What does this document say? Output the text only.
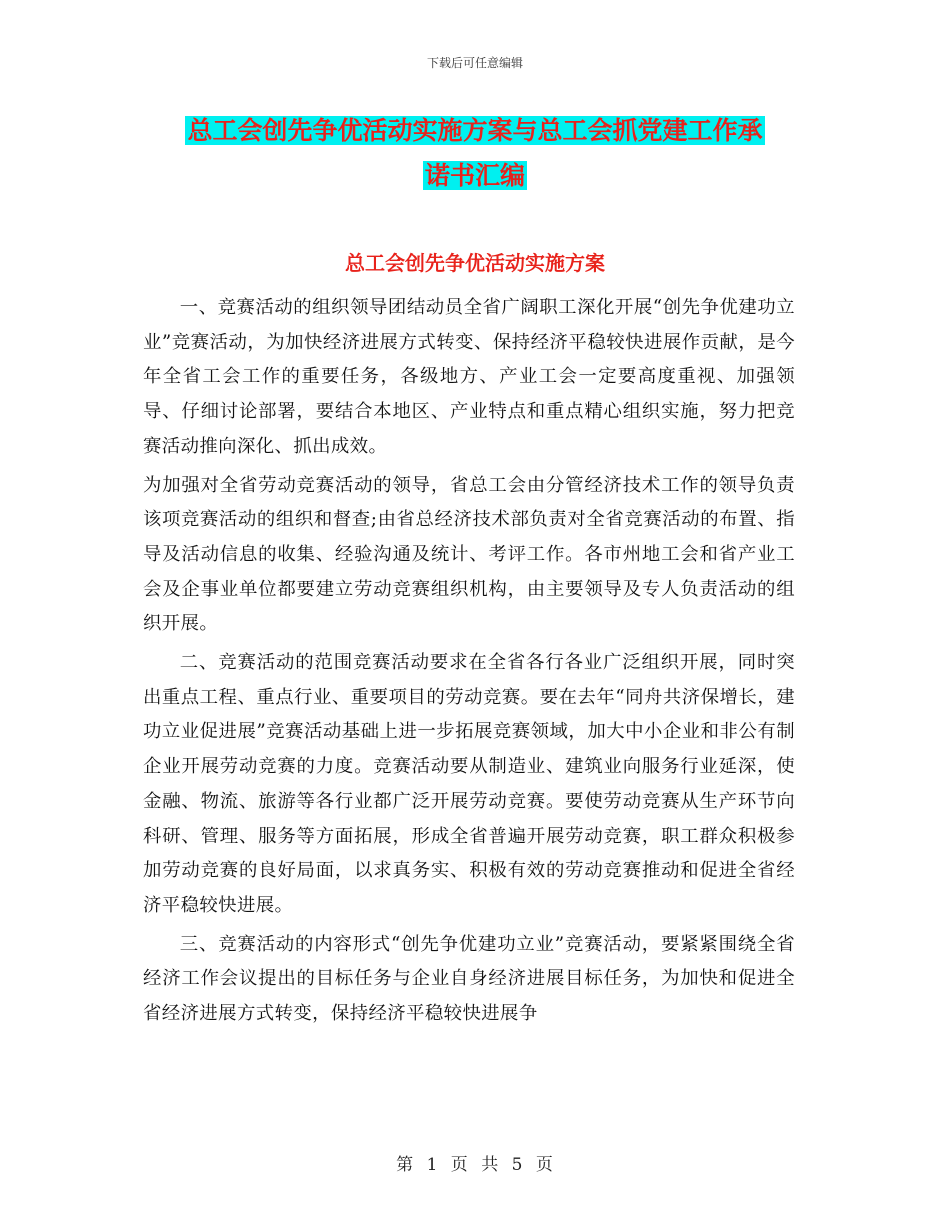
下载后可任意编辑
总工会创先争优活动实施方案与总工会抓党建工作承
诺书汇编
总工会创先争优活动实施方案

一、竞赛活动的组织领导团结动员全省广阔职工深化开展“创先争优建功立业”竞赛活动，为加快经济进展方式转变、保持经济平稳较快进展作贡献，是今年全省工会工作的重要任务，各级地方、产业工会一定要高度重视、加强领导、仔细讨论部署，要结合本地区、产业特点和重点精心组织实施，努力把竞赛活动推向深化、抓出成效。

为加强对全省劳动竞赛活动的领导，省总工会由分管经济技术工作的领导负责该项竞赛活动的组织和督查;由省总经济技术部负责对全省竞赛活动的布置、指导及活动信息的收集、经验沟通及统计、考评工作。各市州地工会和省产业工会及企事业单位都要建立劳动竞赛组织机构，由主要领导及专人负责活动的组织开展。

二、竞赛活动的范围竞赛活动要求在全省各行各业广泛组织开展，同时突出重点工程、重点行业、重要项目的劳动竞赛。要在去年“同舟共济保增长，建功立业促进展”竞赛活动基础上进一步拓展竞赛领域，加大中小企业和非公有制企业开展劳动竞赛的力度。竞赛活动要从制造业、建筑业向服务行业延深，使金融、物流、旅游等各行业都广泛开展劳动竞赛。要使劳动竞赛从生产环节向科研、管理、服务等方面拓展，形成全省普遍开展劳动竞赛，职工群众积极参加劳动竞赛的良好局面，以求真务实、积极有效的劳动竞赛推动和促进全省经济平稳较快进展。

三、竞赛活动的内容形式“创先争优建功立业”竞赛活动，要紧紧围绕全省经济工作会议提出的目标任务与企业自身经济进展目标任务，为加快和促进全省经济进展方式转变，保持经济平稳较快进展争

第 1 页 共 5 页
